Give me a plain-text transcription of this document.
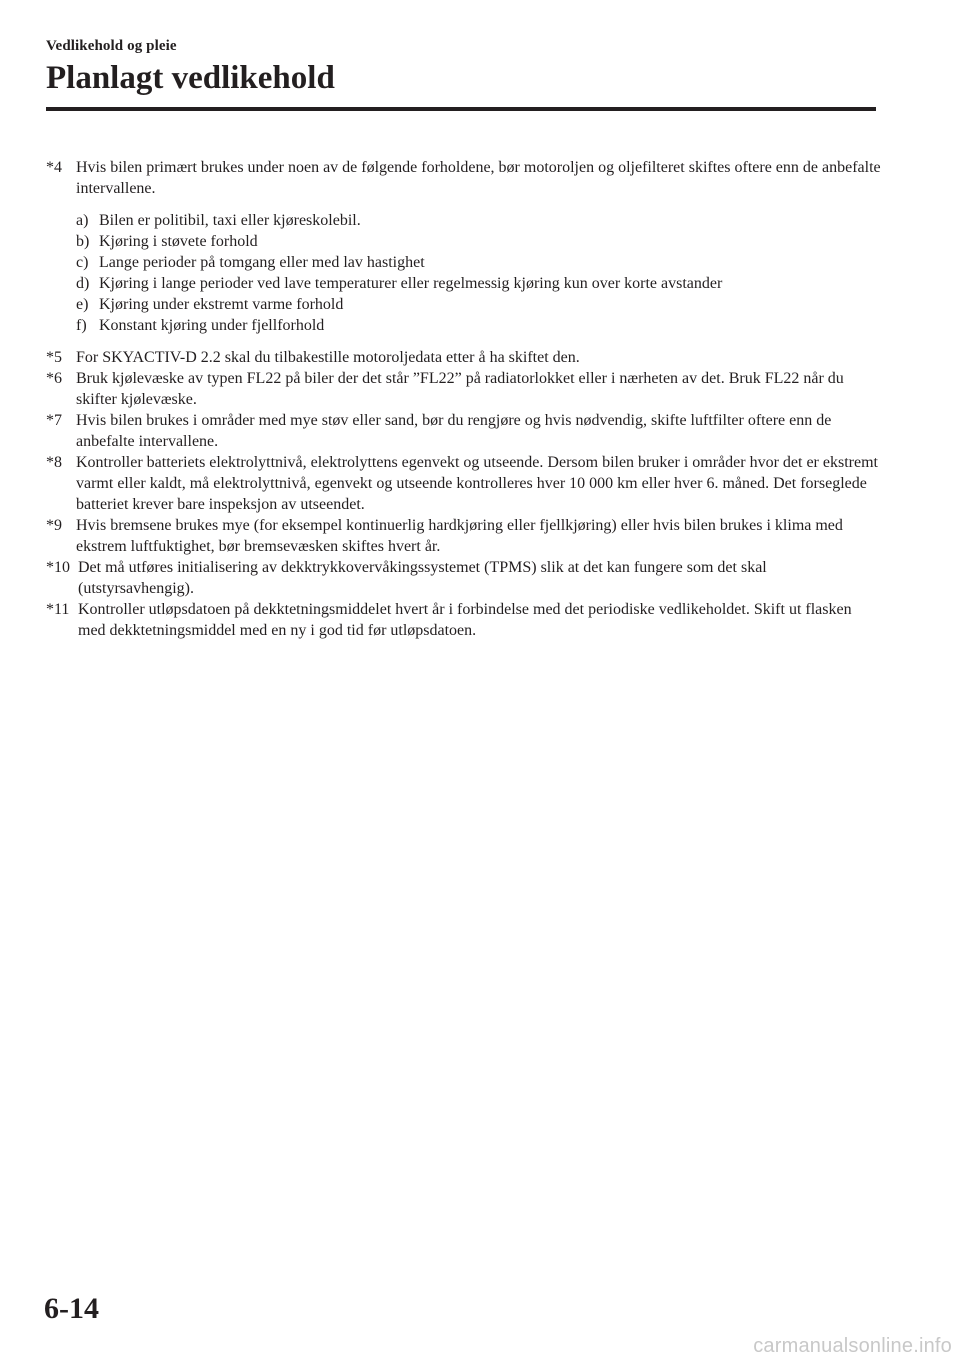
Vedlikehold og pleie
Planlagt vedlikehold
*4 Hvis bilen primært brukes under noen av de følgende forholdene, bør motoroljen og oljefilteret skiftes oftere enn de anbefalte intervallene.
a) Bilen er politibil, taxi eller kjøreskolebil.
b) Kjøring i støvete forhold
c) Lange perioder på tomgang eller med lav hastighet
d) Kjøring i lange perioder ved lave temperaturer eller regelmessig kjøring kun over korte avstander
e) Kjøring under ekstremt varme forhold
f) Konstant kjøring under fjellforhold
*5 For SKYACTIV-D 2.2 skal du tilbakestille motoroljedata etter å ha skiftet den.
*6 Bruk kjølevæske av typen FL22 på biler der det står ”FL22” på radiatorlokket eller i nærheten av det. Bruk FL22 når du skifter kjølevæske.
*7 Hvis bilen brukes i områder med mye støv eller sand, bør du rengjøre og hvis nødvendig, skifte luftfilter oftere enn de anbefalte intervallene.
*8 Kontroller batteriets elektrolyttnivå, elektrolyttens egenvekt og utseende. Dersom bilen bruker i områder hvor det er ekstremt varmt eller kaldt, må elektrolyttnivå, egenvekt og utseende kontrolleres hver 10 000 km eller hver 6. måned. Det forseglede batteriet krever bare inspeksjon av utseendet.
*9 Hvis bremsene brukes mye (for eksempel kontinuerlig hardkjøring eller fjellkjøring) eller hvis bilen brukes i klima med ekstrem luftfuktighet, bør bremsevæsken skiftes hvert år.
*10 Det må utføres initialisering av dekktrykkovervåkingssystemet (TPMS) slik at det kan fungere som det skal (utstyrsavhengig).
*11 Kontroller utløpsdatoen på dekktetningsmiddelet hvert år i forbindelse med det periodiske vedlikeholdet. Skift ut flasken med dekktetningsmiddel med en ny i god tid før utløpsdatoen.
6-14
carmanualsonline.info
